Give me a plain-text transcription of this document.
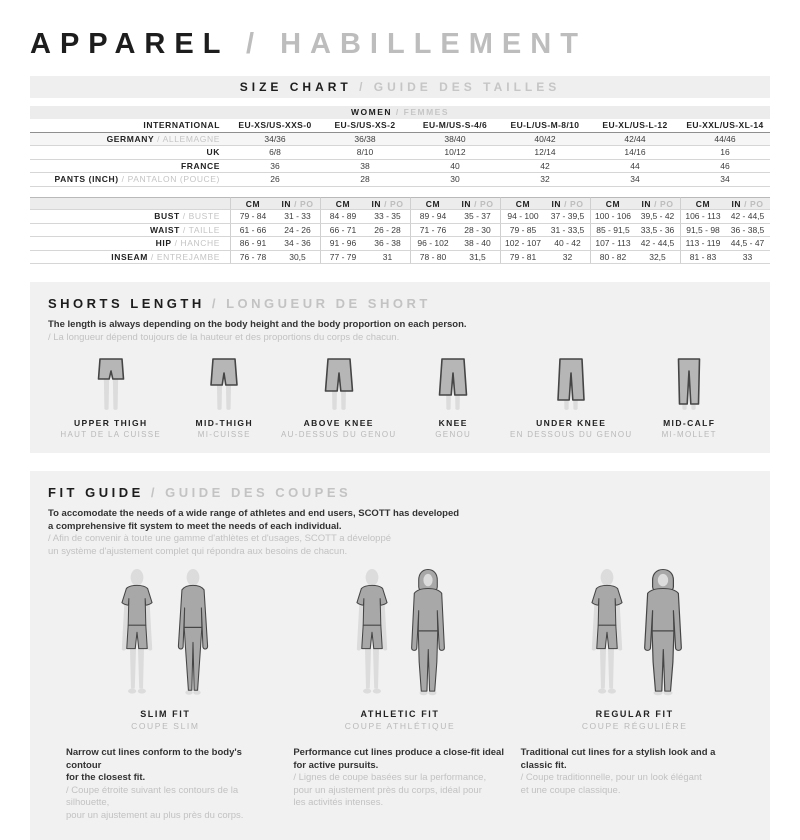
APPAREL / HABILLEMENT
SIZE CHART / GUIDE DES TAILLES
WOMEN / FEMMES
INTERNATIONAL	EU-XS/US-XXS-0	EU-S/US-XS-2	EU-M/US-S-4/6	EU-L/US-M-8/10	EU-XL/US-L-12	EU-XXL/US-XL-14
GERMANY / ALLEMAGNE	34/36	36/38	38/40	40/42	42/44	44/46
UK	6/8	8/10	10/12	12/14	14/16	16
FRANCE	36	38	40	42	44	46
PANTS (INCH) / PANTALON (POUCE)	26	28	30	32	34	34
CM	IN / PO	CM	IN / PO	CM	IN / PO	CM	IN / PO	CM	IN / PO	CM	IN / PO
BUST / BUSTE	79 - 84	31 - 33	84 - 89	33 - 35	89 - 94	35 - 37	94 - 100	37 - 39,5	100 - 106	39,5 - 42	106 - 113	42 - 44,5
WAIST / TAILLE	61 - 66	24 - 26	66 - 71	26 - 28	71 - 76	28 - 30	79 - 85	31 - 33,5	85 - 91,5	33,5 - 36	91,5 - 98	36 - 38,5
HIP / HANCHE	86 - 91	34 - 36	91 - 96	36 - 38	96 - 102	38 - 40	102 - 107	40 - 42	107 - 113	42 - 44,5	113 - 119	44,5 - 47
INSEAM / ENTREJAMBE	76 - 78	30,5	77 - 79	31	78 - 80	31,5	79 - 81	32	80 - 82	32,5	81 - 83	33
SHORTS LENGTH / LONGUEUR DE SHORT
The length is always depending on the body height and the body proportion on each person.
/ La longueur dépend toujours de la hauteur et des proportions du corps de chacun.
UPPER THIGH
HAUT DE LA CUISSE
MID-THIGH
MI-CUISSE
ABOVE KNEE
AU-DESSUS DU GENOU
KNEE
GENOU
UNDER KNEE
EN DESSOUS DU GENOU
MID-CALF
MI-MOLLET
FIT GUIDE / GUIDE DES COUPES
To accomodate the needs of a wide range of athletes and end users, SCOTT has developed
a comprehensive fit system to meet the needs of each individual.
/ Afin de convenir à toute une gamme d'athlètes et d'usages, SCOTT a développé
un système d'ajustement complet qui répondra aux besoins de chacun.
SLIM FIT
COUPE SLIM
ATHLETIC FIT
COUPE ATHLÉTIQUE
REGULAR FIT
COUPE RÉGULIÈRE
Narrow cut lines conform to the body's contour
for the closest fit.
/ Coupe étroite suivant les contours de la silhouette,
pour un ajustement au plus près du corps.
Performance cut lines produce a close-fit ideal
for active pursuits.
/ Lignes de coupe basées sur la performance,
pour un ajustement près du corps, idéal pour
les activités intenses.
Traditional cut lines for a stylish look and a classic fit.
/ Coupe traditionnelle, pour un look élégant
et une coupe classique.
